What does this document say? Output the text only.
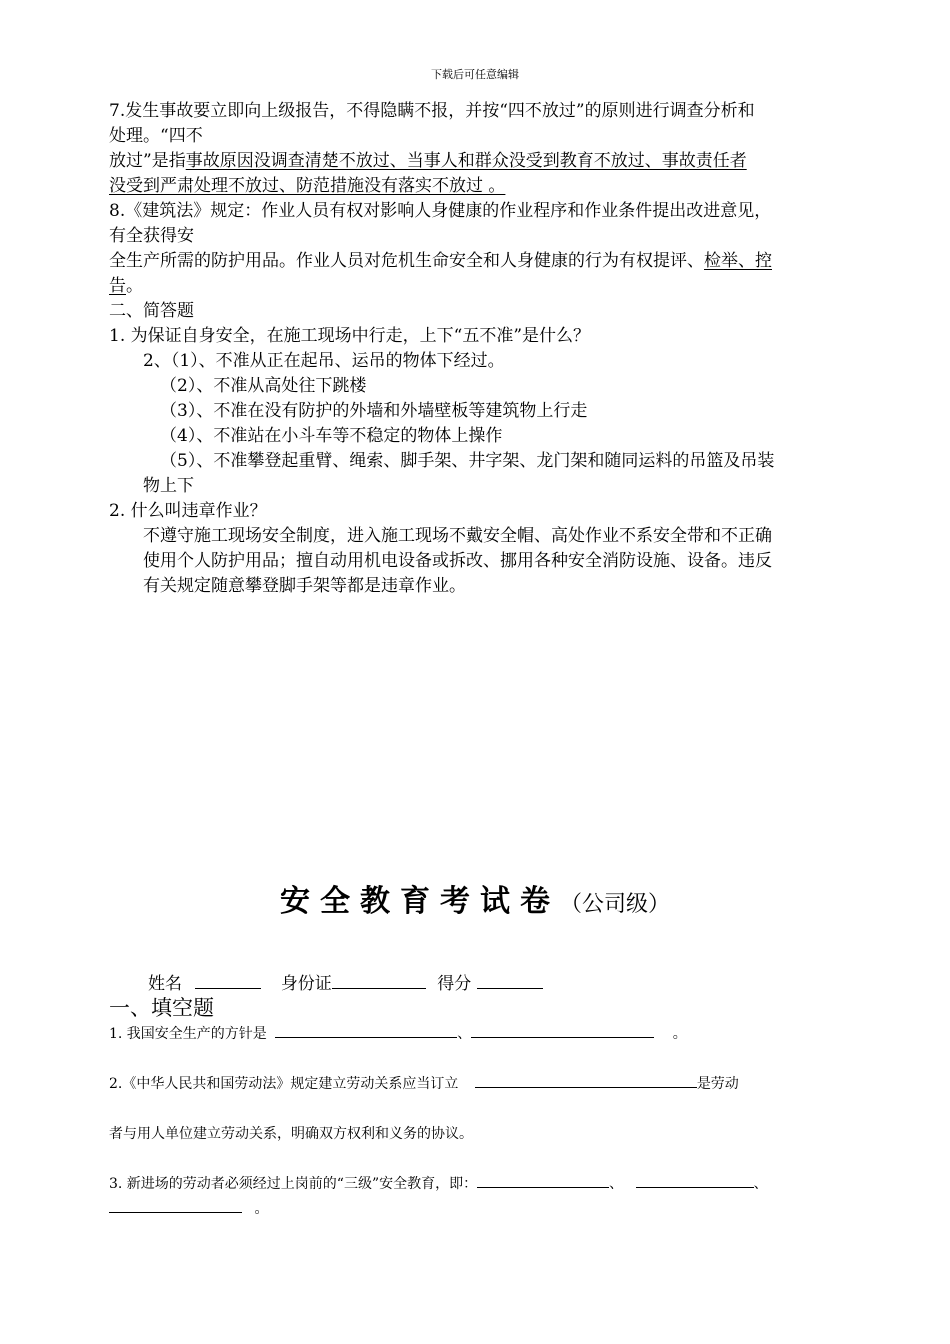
下载后可任意编辑
7.发生事故要立即向上级报告，不得隐瞒不报，并按“四不放过”的原则进行调查分析和
处理。“四不
放过”是指事故原因没调查清楚不放过、当事人和群众没受到教育不放过、事故责任者
没受到严肃处理不放过、防范措施没有落实不放过 。
8.《建筑法》规定：作业人员有权对影响人身健康的作业程序和作业条件提出改进意见，
有全获得安
全生产所需的防护用品。作业人员对危机生命安全和人身健康的行为有权提评、检举、控
告。
二、简答题
1. 为保证自身安全，在施工现场中行走，上下“五不准”是什么？
2、（1）、不准从正在起吊、运吊的物体下经过。
（2）、不准从高处往下跳楼
（3）、不准在没有防护的外墙和外墙壁板等建筑物上行走
（4）、不准站在小斗车等不稳定的物体上操作
（5）、不准攀登起重臂、绳索、脚手架、井字架、龙门架和随同运料的吊篮及吊装
物上下
2. 什么叫违章作业？
不遵守施工现场安全制度，进入施工现场不戴安全帽、高处作业不系安全带和不正确
使用个人防护用品；擅自动用机电设备或拆改、挪用各种安全消防设施、设备。违反
有关规定随意攀登脚手架等都是违章作业。
安全教育考试卷（公司级）
姓名	身份证	得分
一、填空题
1. 我国安全生产的方针是	、	。
2.《中华人民共和国劳动法》规定建立劳动关系应当订立	是劳动
者与用人单位建立劳动关系，明确双方权利和义务的协议。
3. 新进场的劳动者必须经过上岗前的“三级”安全教育，即：	、	、
。
